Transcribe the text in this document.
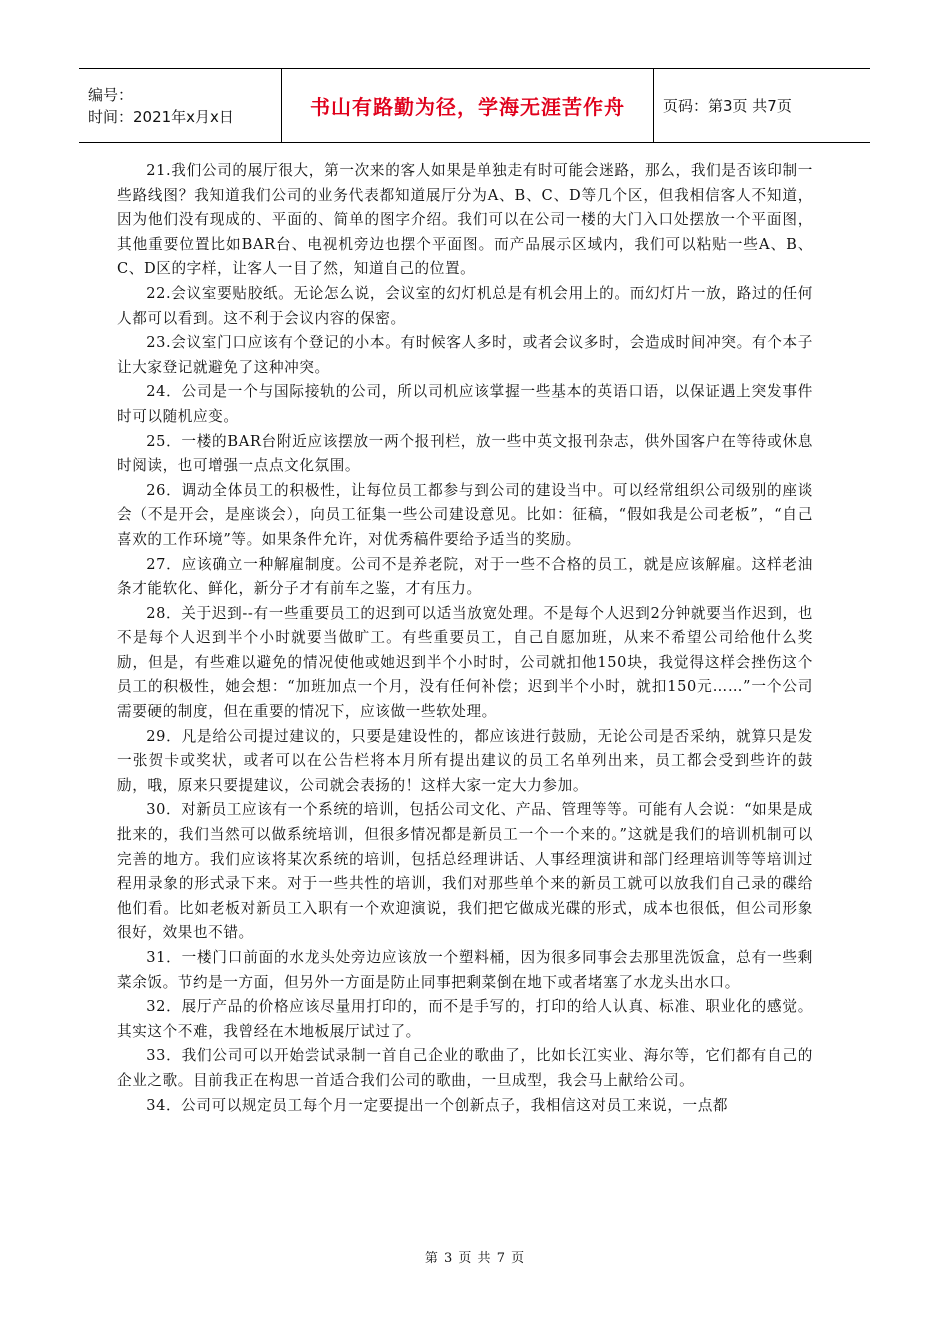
编号：
时间：2021年x月x日	书山有路勤为径，学海无涯苦作舟	页码：第3页 共7页

21.我们公司的展厅很大，第一次来的客人如果是单独走有时可能会迷路，那么，我们是否该印制一些路线图？我知道我们公司的业务代表都知道展厅分为A、B、C、D等几个区，但我相信客人不知道，因为他们没有现成的、平面的、简单的图字介绍。我们可以在公司一楼的大门入口处摆放一个平面图，其他重要位置比如BAR台、电视机旁边也摆个平面图。而产品展示区域内，我们可以粘贴一些A、B、C、D区的字样，让客人一目了然，知道自己的位置。

22.会议室要贴胶纸。无论怎么说，会议室的幻灯机总是有机会用上的。而幻灯片一放，路过的任何人都可以看到。这不利于会议内容的保密。

23.会议室门口应该有个登记的小本。有时候客人多时，或者会议多时，会造成时间冲突。有个本子让大家登记就避免了这种冲突。

24．公司是一个与国际接轨的公司，所以司机应该掌握一些基本的英语口语，以保证遇上突发事件时可以随机应变。

25．一楼的BAR台附近应该摆放一两个报刊栏，放一些中英文报刊杂志，供外国客户在等待或休息时阅读，也可增强一点点文化氛围。

26．调动全体员工的积极性，让每位员工都参与到公司的建设当中。可以经常组织公司级别的座谈会（不是开会，是座谈会），向员工征集一些公司建设意见。比如：征稿，“假如我是公司老板”，“自己喜欢的工作环境”等。如果条件允许，对优秀稿件要给予适当的奖励。

27．应该确立一种解雇制度。公司不是养老院，对于一些不合格的员工，就是应该解雇。这样老油条才能软化、鲜化，新分子才有前车之鉴，才有压力。

28．关于迟到--有一些重要员工的迟到可以适当放宽处理。不是每个人迟到2分钟就要当作迟到，也不是每个人迟到半个小时就要当做旷工。有些重要员工，自己自愿加班，从来不希望公司给他什么奖励，但是，有些难以避免的情况使他或她迟到半个小时时，公司就扣他150块，我觉得这样会挫伤这个员工的积极性，她会想：“加班加点一个月，没有任何补偿；迟到半个小时，就扣150元……”一个公司需要硬的制度，但在重要的情况下，应该做一些软处理。

29．凡是给公司提过建议的，只要是建设性的，都应该进行鼓励，无论公司是否采纳，就算只是发一张贺卡或奖状，或者可以在公告栏将本月所有提出建议的员工名单列出来，员工都会受到些许的鼓励，哦，原来只要提建议，公司就会表扬的！这样大家一定大力参加。

30．对新员工应该有一个系统的培训，包括公司文化、产品、管理等等。可能有人会说：“如果是成批来的，我们当然可以做系统培训，但很多情况都是新员工一个一个来的。”这就是我们的培训机制可以完善的地方。我们应该将某次系统的培训，包括总经理讲话、人事经理演讲和部门经理培训等等培训过程用录象的形式录下来。对于一些共性的培训，我们对那些单个来的新员工就可以放我们自己录的碟给他们看。比如老板对新员工入职有一个欢迎演说，我们把它做成光碟的形式，成本也很低，但公司形象很好，效果也不错。

31．一楼门口前面的水龙头处旁边应该放一个塑料桶，因为很多同事会去那里洗饭盒，总有一些剩菜余饭。节约是一方面，但另外一方面是防止同事把剩菜倒在地下或者堵塞了水龙头出水口。

32．展厅产品的价格应该尽量用打印的，而不是手写的，打印的给人认真、标准、职业化的感觉。其实这个不难，我曾经在木地板展厅试过了。

33．我们公司可以开始尝试录制一首自己企业的歌曲了，比如长江实业、海尔等，它们都有自己的企业之歌。目前我正在构思一首适合我们公司的歌曲，一旦成型，我会马上献给公司。

34．公司可以规定员工每个月一定要提出一个创新点子，我相信这对员工来说，一点都

第 3 页 共 7 页
